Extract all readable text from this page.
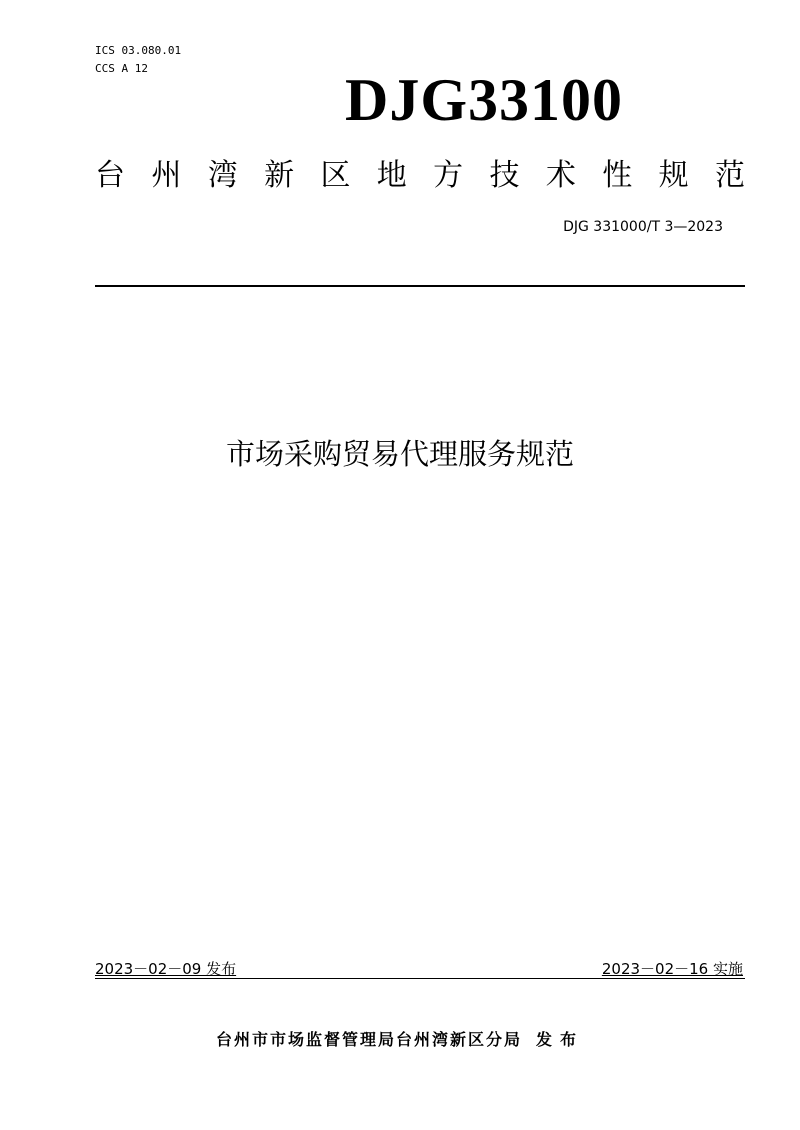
ICS 03.080.01
CCS A 12	DJG33100
台 州 湾 新 区 地 方 技 术 性 规 范
DJG 331000/T 3—2023
市场采购贸易代理服务规范
2023－02－09 发布	2023－02－16 实施
台州市市场监督管理局台州湾新区分局 发布
